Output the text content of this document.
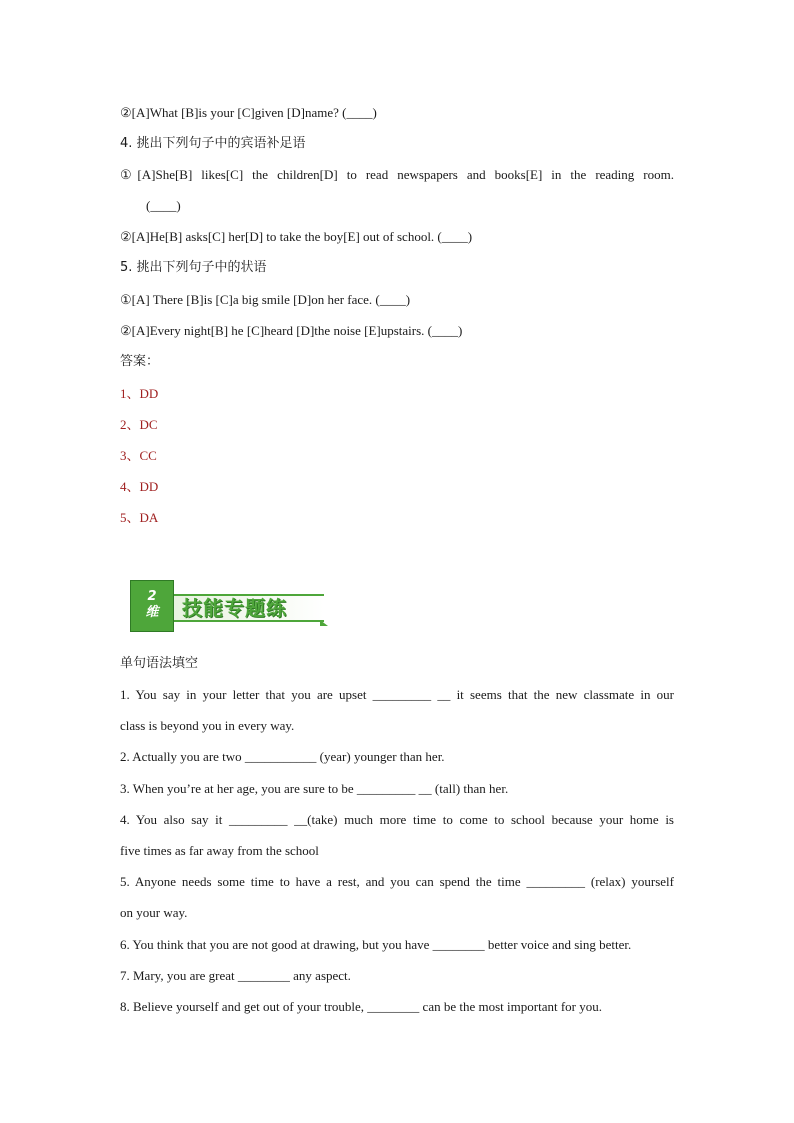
②[A]What [B]is your [C]given [D]name? (____)
4. 挑出下列句子中的宾语补足语
①[A]She[B] likes[C] the children[D] to read newspapers and books[E] in the reading room.
(____)
②[A]He[B] asks[C] her[D] to take the boy[E] out of school. (____)
5. 挑出下列句子中的状语
①[A] There [B]is [C]a big smile [D]on her face. (____)
②[A]Every night[B] he [C]heard [D]the noise [E]upstairs. (____)
答案：
1、DD
2、DC
3、CC
4、DD
5、DA
2
维	技能专题练
单句语法填空
1. You say in your letter that you are upset _________ __ it seems that the new classmate in our
class is beyond you in every way.
2. Actually you are two ___________ (year) younger than her.
3. When you’re at her age, you are sure to be _________ __ (tall) than her.
4. You also say it _________ __(take) much more time to come to school because your home is
five times as far away from the school
5. Anyone needs some time to have a rest, and you can spend the time _________ (relax) yourself
on your way.
6. You think that you are not good at drawing, but you have ________ better voice and sing better.
7. Mary, you are great ________ any aspect.
8. Believe yourself and get out of your trouble, ________ can be the most important for you.
